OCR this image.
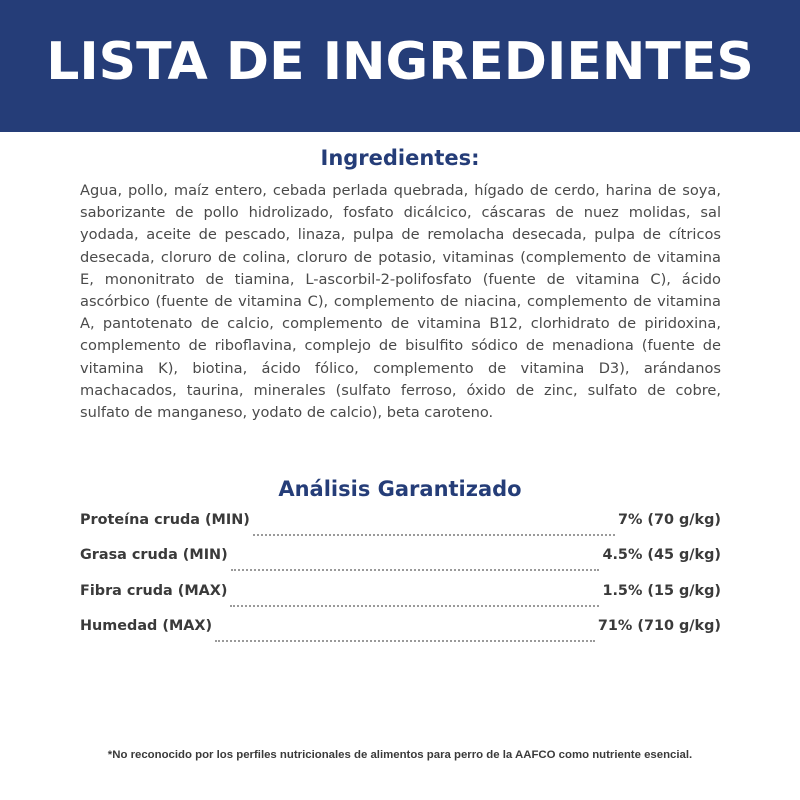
LISTA DE INGREDIENTES
Ingredientes:
Agua, pollo, maíz entero, cebada perlada quebrada, hígado de cerdo, harina de soya, saborizante de pollo hidrolizado, fosfato dicálcico, cáscaras de nuez molidas, sal yodada, aceite de pescado, linaza, pulpa de remolacha desecada, pulpa de cítricos desecada, cloruro de colina, cloruro de potasio, vitaminas (complemento de vitamina E, mononitrato de tiamina, L-ascorbil-2-polifosfato (fuente de vitamina C), ácido ascórbico (fuente de vitamina C), complemento de niacina, complemento de vitamina A, pantotenato de calcio, complemento de vitamina B12, clorhidrato de piridoxina, complemento de riboflavina, complejo de bisulfito sódico de menadiona (fuente de vitamina K), biotina, ácido fólico, complemento de vitamina D3), arándanos machacados, taurina, minerales (sulfato ferroso, óxido de zinc, sulfato de cobre, sulfato de manganeso, yodato de calcio), beta caroteno.
Análisis Garantizado
Proteína cruda (MIN)	7% (70 g/kg)
Grasa cruda (MIN)	4.5% (45 g/kg)
Fibra cruda (MAX)	1.5% (15 g/kg)
Humedad (MAX)	71% (710 g/kg)
*No reconocido por los perfiles nutricionales de alimentos para perro de la AAFCO como nutriente esencial.
